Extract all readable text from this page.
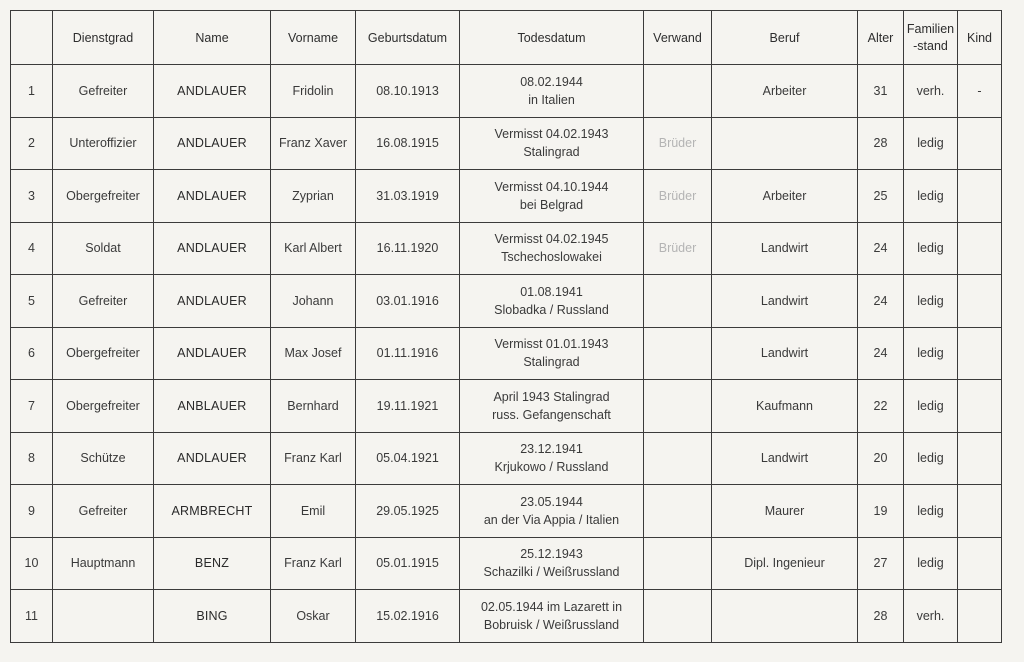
	Dienstgrad	Name	Vorname	Geburtsdatum	Todesdatum	Verwand	Beruf	Alter	Familien
-stand	Kind
1	Gefreiter	ANDLAUER	Fridolin	08.10.1913	08.02.1944
in Italien		Arbeiter	31	verh.	-
2	Unteroffizier	ANDLAUER	Franz Xaver	16.08.1915	Vermisst 04.02.1943
Stalingrad	Brüder		28	ledig	
3	Obergefreiter	ANDLAUER	Zyprian	31.03.1919	Vermisst 04.10.1944
bei Belgrad	Brüder	Arbeiter	25	ledig	
4	Soldat	ANDLAUER	Karl Albert	16.11.1920	Vermisst 04.02.1945
Tschechoslowakei	Brüder	Landwirt	24	ledig	
5	Gefreiter	ANDLAUER	Johann	03.01.1916	01.08.1941
Slobadka / Russland		Landwirt	24	ledig	
6	Obergefreiter	ANDLAUER	Max Josef	01.11.1916	Vermisst 01.01.1943
Stalingrad		Landwirt	24	ledig	
7	Obergefreiter	ANBLAUER	Bernhard	19.11.1921	April 1943 Stalingrad
russ. Gefangenschaft		Kaufmann	22	ledig	
8	Schütze	ANDLAUER	Franz Karl	05.04.1921	23.12.1941
Krjukowo / Russland		Landwirt	20	ledig	
9	Gefreiter	ARMBRECHT	Emil	29.05.1925	23.05.1944
an der Via Appia / Italien		Maurer	19	ledig	
10	Hauptmann	BENZ	Franz Karl	05.01.1915	25.12.1943
Schazilki / Weißrussland		Dipl. Ingenieur	27	ledig	
11		BING	Oskar	15.02.1916	02.05.1944 im Lazarett in
Bobruisk / Weißrussland			28	verh.	
